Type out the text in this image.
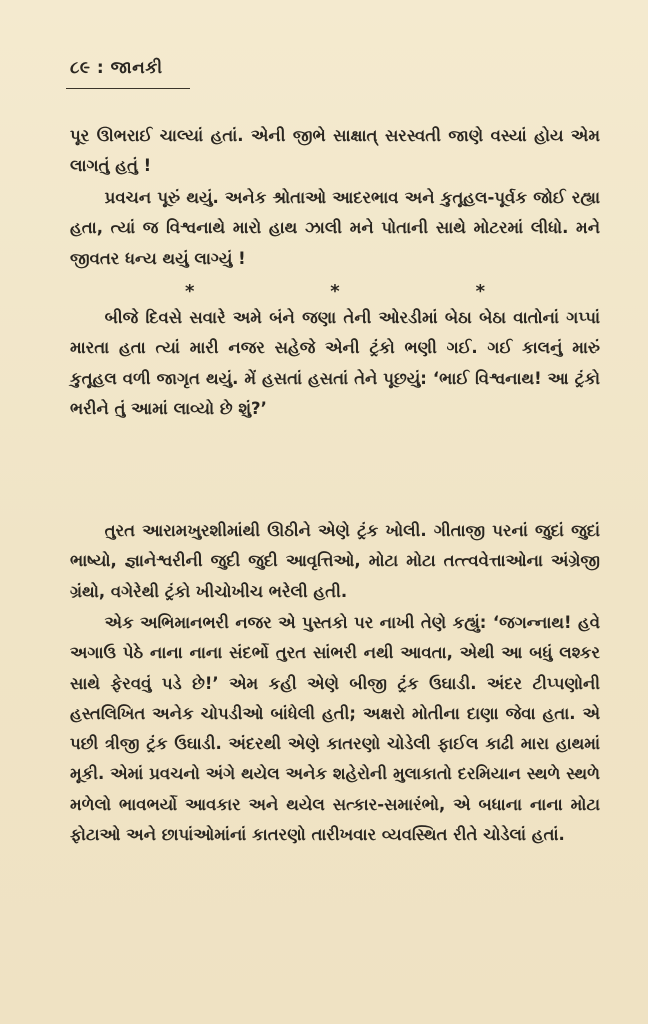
૮૯ : જાનકી

પૂર ઊભરાઈ ચાલ્યાં હતાં. એની જીભે સાક્ષાત્ સરસ્વતી જાણે વસ્યાં હોય એમ લાગતું હતું !

પ્રવચન પૂરું થયું. અનેક શ્રોતાઓ આદરભાવ અને કુતૂહલ-પૂર્વક જોઈ રહ્યા હતા, ત્યાં જ વિશ્વનાથે મારો હાથ ઝાલી મને પોતાની સાથે મોટરમાં લીધો. મને જીવતર ધન્ય થયું લાગ્યું !

*	*	*

બીજે દિવસે સવારે અમે બંને જણા તેની ઓરડીમાં બેઠા બેઠા વાતોનાં ગપ્પાં મારતા હતા ત્યાં મારી નજર સહેજે એની ટ્રંકો ભણી ગઈ. ગઈ કાલનું મારું કુતૂહલ વળી જાગૃત થયું. મેં હસતાં હસતાં તેને પૂછયું: ‘ભાઈ વિશ્વનાથ! આ ટ્રંકો ભરીને તું આમાં લાવ્યો છે શું?’

તુરત આરામખુરશીમાંથી ઊઠીને એણે ટ્રંક ખોલી. ગીતાજી પરનાં જુદાં જુદાં ભાષ્યો, જ્ઞાનેશ્વરીની જુદી જુદી આવૃત્તિઓ, મોટા મોટા તત્ત્વવેત્તાઓના અંગ્રેજી ગ્રંથો, વગેરેથી ટ્રંકો ખીચોખીચ ભરેલી હતી.

એક અભિમાનભરી નજર એ પુસ્તકો પર નાખી તેણે કહ્યું: ‘જગન્નાથ! હવે અગાઉ પેઠે નાના નાના સંદર્ભો તુરત સાંભરી નથી આવતા, એથી આ બધું લશ્કર સાથે ફેરવવું પડે છે!’ એમ કહી એણે બીજી ટ્રંક ઉઘાડી. અંદર ટીપ્પણોની હસ્તલિખિત અનેક ચોપડીઓ બાંધેલી હતી; અક્ષરો મોતીના દાણા જેવા હતા. એ પછી ત્રીજી ટ્રંક ઉઘાડી. અંદરથી એણે કાતરણો ચોડેલી ફાઈલ કાઢી મારા હાથમાં મૂકી. એમાં પ્રવચનો અંગે થયેલ અનેક શહેરોની મુલાકાતો દરમિયાન સ્થળે સ્થળે મળેલો ભાવભર્યો આવકાર અને થયેલ સત્કાર-સમારંભો, એ બધાના નાના મોટા ફોટાઓ અને છાપાંઓમાંનાં કાતરણો તારીખવાર વ્યવસ્થિત રીતે ચોડેલાં હતાં.
